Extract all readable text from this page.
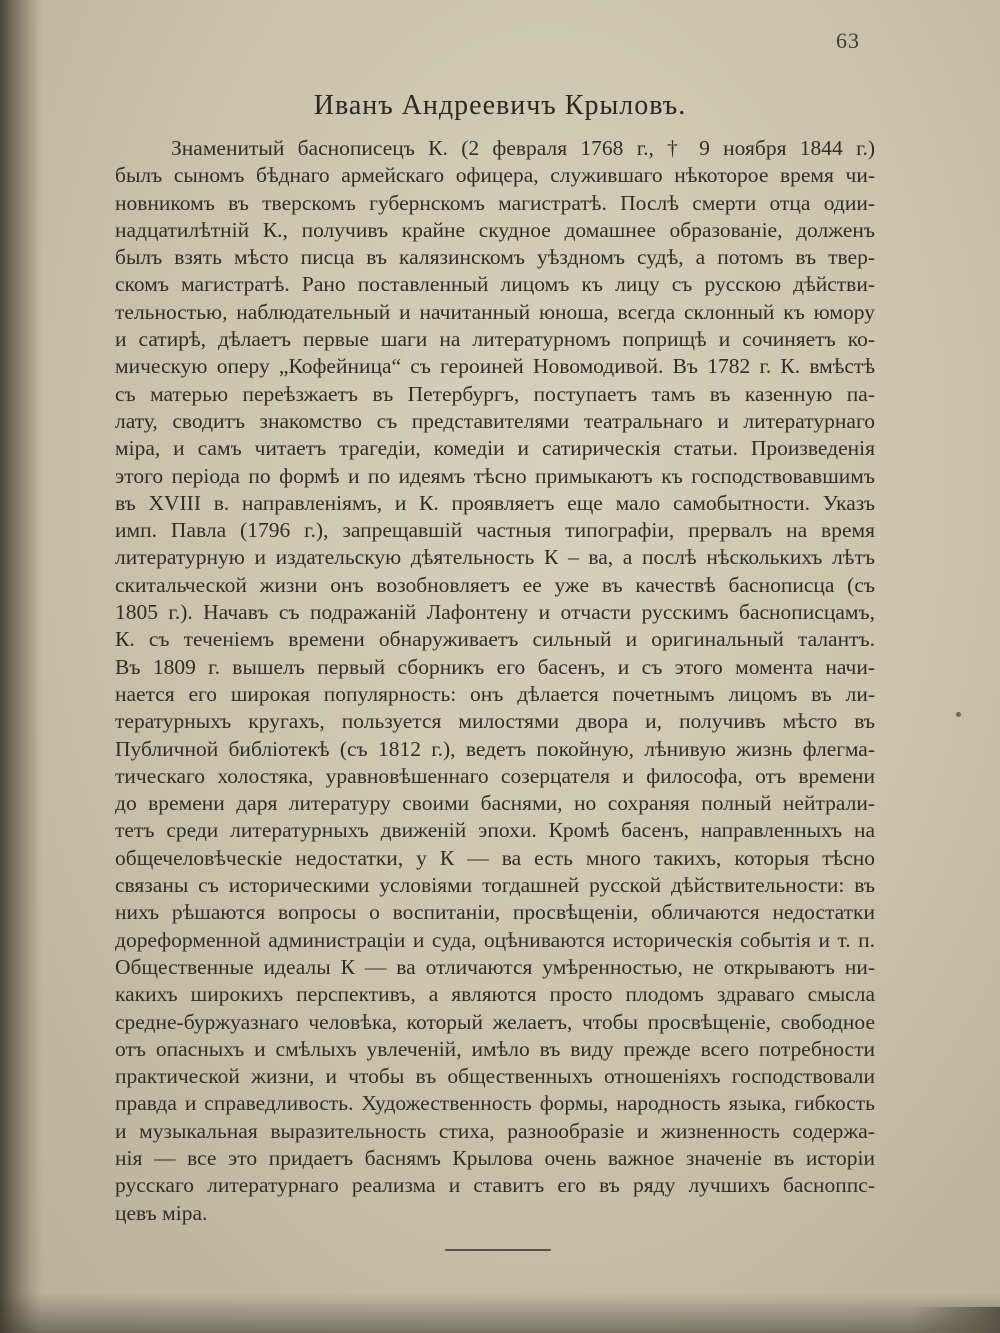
63
Иванъ Андреевичъ Крыловъ.
Знаменитый баснописецъ К. (2 февраля 1768 г., † 9 ноября 1844 г.)
былъ сыномъ бѣднаго армейскаго офицера, служившаго нѣкоторое время чи-
новникомъ въ тверскомъ губернскомъ магистратѣ. Послѣ смерти отца одии-
надцатилѣтній К., получивъ крайне скудное домашнее образованіе, долженъ
былъ взять мѣсто писца въ калязинскомъ уѣздномъ судѣ, а потомъ въ твер-
скомъ магистратѣ. Рано поставленный лицомъ къ лицу съ русскою дѣйстви-
тельностью, наблюдательный и начитанный юноша, всегда склонный къ юмору
и сатирѣ, дѣлаетъ первые шаги на литературномъ поприщѣ и сочиняетъ ко-
мическую оперу „Кофейница“ съ героиней Новомодивой. Въ 1782 г. К. вмѣстѣ
съ матерью переѣзжаетъ въ Петербургъ, поступаетъ тамъ въ казенную па-
лату, сводитъ знакомство съ представителями театральнаго и литературнаго
міра, и самъ читаетъ трагедіи, комедіи и сатирическія статьи. Произведенія
этого періода по формѣ и по идеямъ тѣсно примыкаютъ къ господствовавшимъ
въ XVIII в. направленіямъ, и К. проявляетъ еще мало самобытности. Указъ
имп. Павла (1796 г.), запрещавшій частныя типографіи, прервалъ на время
литературную и издательскую дѣятельность К – ва, а послѣ нѣсколькихъ лѣтъ
скитальческой жизни онъ возобновляетъ ее уже въ качествѣ баснописца (съ
1805 г.). Начавъ съ подражаній Лафонтену и отчасти русскимъ баснописцамъ,
К. съ теченіемъ времени обнаруживаетъ сильный и оригинальный талантъ.
Въ 1809 г. вышелъ первый сборникъ его басенъ, и съ этого момента начи-
нается его широкая популярность: онъ дѣлается почетнымъ лицомъ въ ли-
тературныхъ кругахъ, пользуется милостями двора и, получивъ мѣсто въ
Публичной библіотекѣ (съ 1812 г.), ведетъ покойную, лѣнивую жизнь флегма-
тическаго холостяка, уравновѣшеннаго созерцателя и философа, отъ времени
до времени даря литературу своими баснями, но сохраняя полный нейтрали-
тетъ среди литературныхъ движеній эпохи. Кромѣ басенъ, направленныхъ на
общечеловѣческіе недостатки, у К — ва есть много такихъ, которыя тѣсно
связаны съ историческими условіями тогдашней русской дѣйствительности: въ
нихъ рѣшаются вопросы о воспитаніи, просвѣщеніи, обличаются недостатки
дореформенной администраціи и суда, оцѣниваются историческія событія и т. п.
Общественные идеалы К — ва отличаются умѣренностью, не открываютъ ни-
какихъ широкихъ перспективъ, а являются просто плодомъ здраваго смысла
средне-буржуазнаго человѣка, который желаетъ, чтобы просвѣщеніе, свободное
отъ опасныхъ и смѣлыхъ увлеченій, имѣло въ виду прежде всего потребности
практической жизни, и чтобы въ общественныхъ отношеніяхъ господствовали
правда и справедливость. Художественность формы, народность языка, гибкость
и музыкальная выразительность стиха, разнообразіе и жизненность содержа-
нія — все это придаетъ баснямъ Крылова очень важное значеніе въ исторіи
русскаго литературнаго реализма и ставитъ его въ ряду лучшихъ басноппс-
цевъ міра.
